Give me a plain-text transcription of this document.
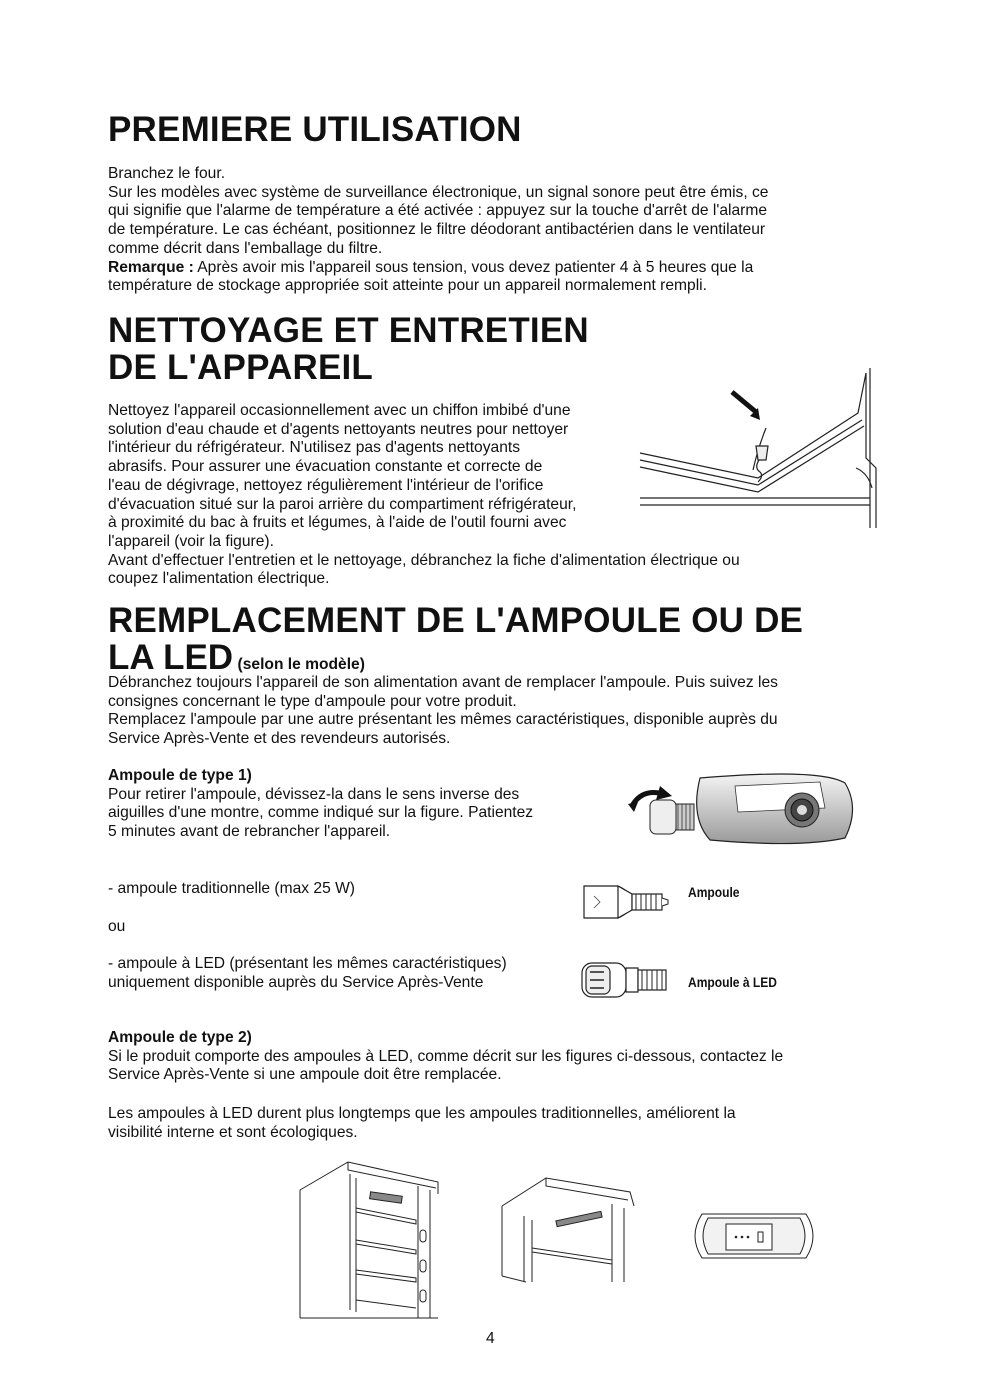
PREMIERE UTILISATION
Branchez le four.
Sur les modèles avec système de surveillance électronique, un signal sonore peut être émis, ce
qui signifie que l'alarme de température a été activée : appuyez sur la touche d'arrêt de l'alarme
de température. Le cas échéant, positionnez le filtre déodorant antibactérien dans le ventilateur
comme décrit dans l'emballage du filtre.
Remarque : Après avoir mis l'appareil sous tension, vous devez patienter 4 à 5 heures que la
température de stockage appropriée soit atteinte pour un appareil normalement rempli.
NETTOYAGE ET ENTRETIEN
DE L'APPAREIL
Nettoyez l'appareil occasionnellement avec un chiffon imbibé d'une
solution d'eau chaude et d'agents nettoyants neutres pour nettoyer
l'intérieur du réfrigérateur. N'utilisez pas d'agents nettoyants
abrasifs. Pour assurer une évacuation constante et correcte de
l'eau de dégivrage, nettoyez régulièrement l'intérieur de l'orifice
d'évacuation situé sur la paroi arrière du compartiment réfrigérateur,
à proximité du bac à fruits et légumes, à l'aide de l'outil fourni avec
l'appareil (voir la figure).
Avant d'effectuer l'entretien et le nettoyage, débranchez la fiche d'alimentation électrique ou
coupez l'alimentation électrique.
REMPLACEMENT DE L'AMPOULE OU DE
LA LED (selon le modèle)
Débranchez toujours l'appareil de son alimentation avant de remplacer l'ampoule. Puis suivez les
consignes concernant le type d'ampoule pour votre produit.
Remplacez l'ampoule par une autre présentant les mêmes caractéristiques, disponible auprès du
Service Après-Vente et des revendeurs autorisés.
Ampoule de type 1)
Pour retirer l'ampoule, dévissez-la dans le sens inverse des
aiguilles d'une montre, comme indiqué sur la figure. Patientez
5 minutes avant de rebrancher l'appareil.
- ampoule traditionnelle (max 25 W)
ou
- ampoule à LED (présentant les mêmes caractéristiques)
uniquement disponible auprès du Service Après-Vente
Ampoule
Ampoule à LED
Ampoule de type 2)
Si le produit comporte des ampoules à LED, comme décrit sur les figures ci-dessous, contactez le
Service Après-Vente si une ampoule doit être remplacée.
Les ampoules à LED durent plus longtemps que les ampoules traditionnelles, améliorent la
visibilité interne et sont écologiques.
4
